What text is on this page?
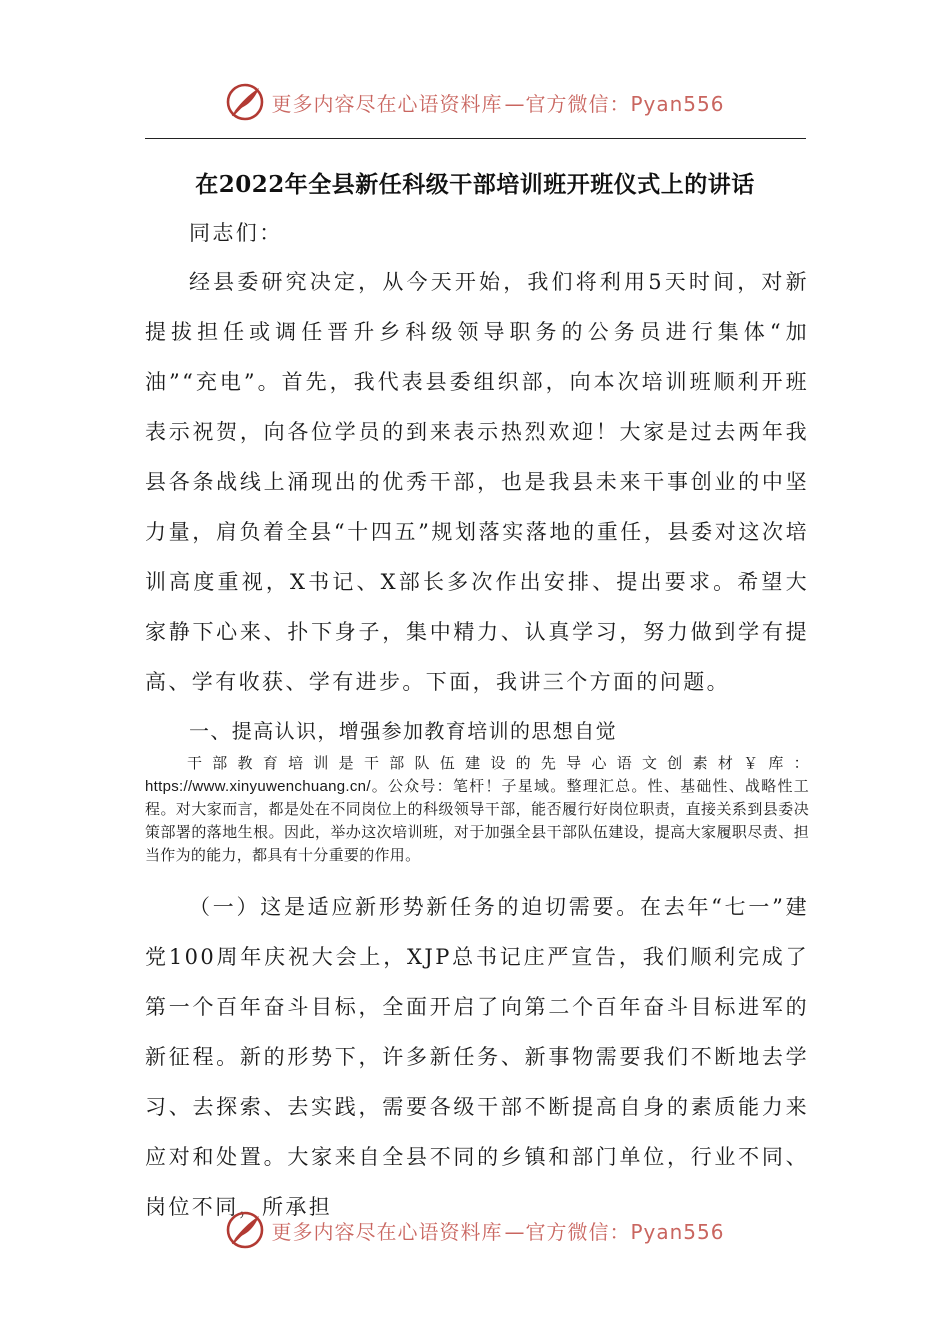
更多内容尽在心语资料库 —官方微信：Pyan556
在2022年全县新任科级干部培训班开班仪式上的讲话

同志们：

经县委研究决定，从今天开始，我们将利用5天时间，对新提拔担任或调任晋升乡科级领导职务的公务员进行集体“加油”“充电”。首先，我代表县委组织部，向本次培训班顺利开班表示祝贺，向各位学员的到来表示热烈欢迎！大家是过去两年我县各条战线上涌现出的优秀干部，也是我县未来干事创业的中坚力量，肩负着全县“十四五”规划落实落地的重任，县委对这次培训高度重视，X书记、X部长多次作出安排、提出要求。希望大家静下心来、扑下身子，集中精力、认真学习，努力做到学有提高、学有收获、学有进步。下面，我讲三个方面的问题。

一、提高认识，增强参加教育培训的思想自觉

干部教育培训是干部队伍建设的先导心语文创素材￥库：https://www.xinyuwenchuang.cn/。公众号：笔杆！子星域。整理汇总。性、基础性、战略性工程。对大家而言，都是处在不同岗位上的科级领导干部，能否履行好岗位职责，直接关系到县委决策部署的落地生根。因此，举办这次培训班，对于加强全县干部队伍建设，提高大家履职尽责、担当作为的能力，都具有十分重要的作用。

（一）这是适应新形势新任务的迫切需要。在去年“七一”建党100周年庆祝大会上，XJP总书记庄严宣告，我们顺利完成了第一个百年奋斗目标，全面开启了向第二个百年奋斗目标进军的新征程。新的形势下，许多新任务、新事物需要我们不断地去学习、去探索、去实践，需要各级干部不断提高自身的素质能力来应对和处置。大家来自全县不同的乡镇和部门单位，行业不同、岗位不同，所承担

更多内容尽在心语资料库 —官方微信：Pyan556
